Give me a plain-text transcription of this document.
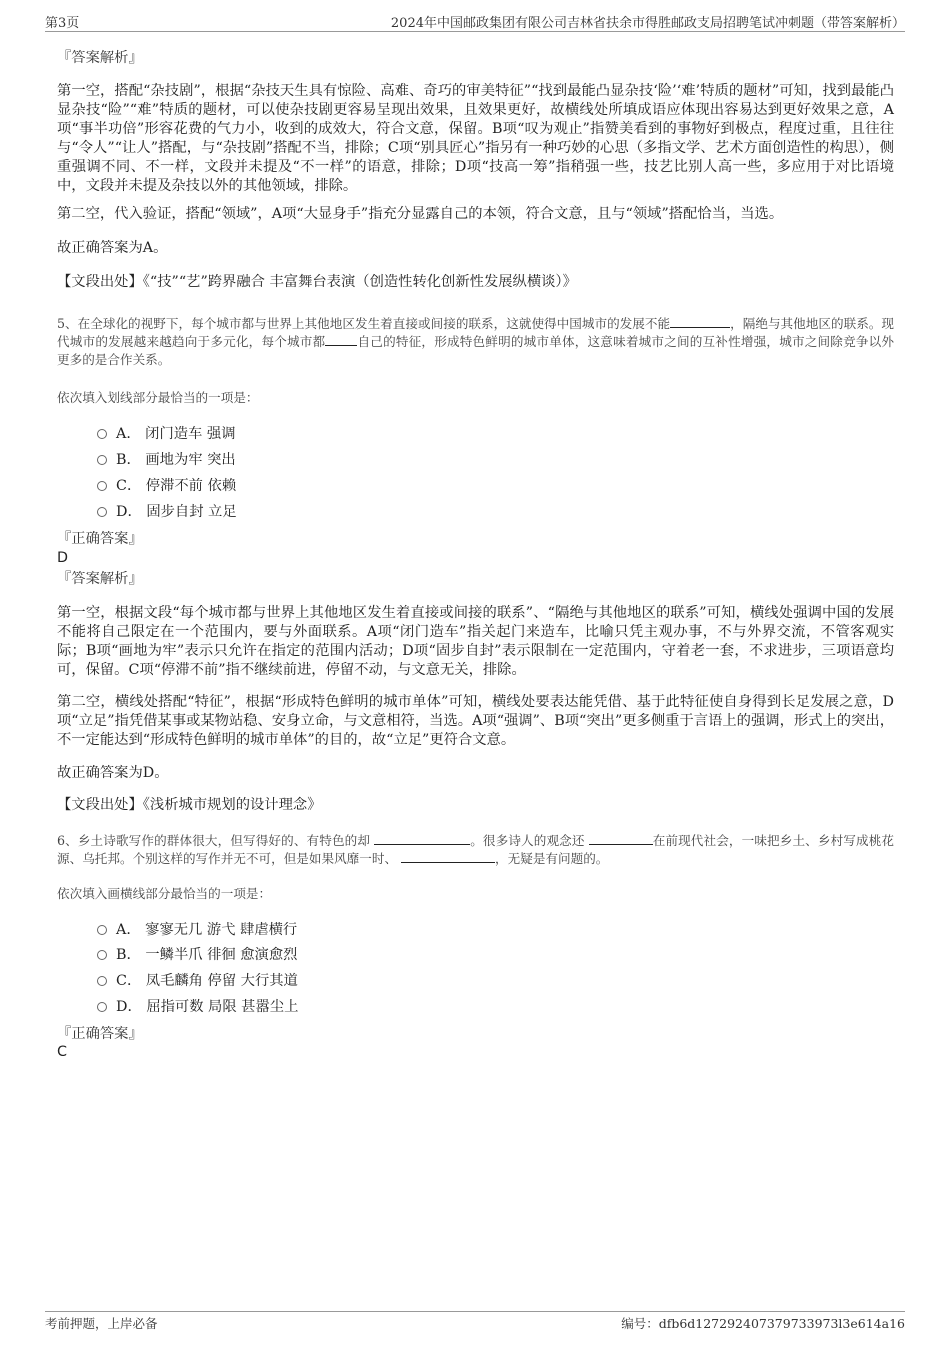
第3页	2024年中国邮政集团有限公司吉林省扶余市得胜邮政支局招聘笔试冲刺题（带答案解析）
『答案解析』

第一空，搭配“杂技剧”，根据“杂技天生具有惊险、高难、奇巧的审美特征”“找到最能凸显杂技‘险’‘难’特质的题材”可知，找到最能凸显杂技“险”“难”特质的题材，可以使杂技剧更容易呈现出效果，且效果更好，故横线处所填成语应体现出容易达到更好效果之意，A项“事半功倍”形容花费的气力小，收到的成效大，符合文意，保留。B项“叹为观止”指赞美看到的事物好到极点，程度过重，且往往与“令人”“让人”搭配，与“杂技剧”搭配不当，排除；C项“别具匠心”指另有一种巧妙的心思（多指文学、艺术方面创造性的构思），侧重强调不同、不一样，文段并未提及“不一样”的语意，排除；D项“技高一筹”指稍强一些，技艺比别人高一些，多应用于对比语境中，文段并未提及杂技以外的其他领域，排除。

第二空，代入验证，搭配“领域”，A项“大显身手”指充分显露自己的本领，符合文意，且与“领域”搭配恰当，当选。

故正确答案为A。
【文段出处】《“技”“艺”跨界融合 丰富舞台表演（创造性转化创新性发展纵横谈）》
5、在全球化的视野下，每个城市都与世界上其他地区发生着直接或间接的联系，这就使得中国城市的发展不能	，隔绝与其他地区的联系。现代城市的发展越来越趋向于多元化，每个城市都	自己的特征，形成特色鲜明的城市单体，这意味着城市之间的互补性增强，城市之间除竞争以外更多的是合作关系。
依次填入划线部分最恰当的一项是：
A． 闭门造车 强调
B． 画地为牢 突出
C． 停滞不前 依赖
D． 固步自封 立足
『正确答案』
D
『答案解析』

第一空，根据文段“每个城市都与世界上其他地区发生着直接或间接的联系”、“隔绝与其他地区的联系”可知，横线处强调中国的发展不能将自己限定在一个范围内，要与外面联系。A项“闭门造车”指关起门来造车，比喻只凭主观办事，不与外界交流，不管客观实际；B项“画地为牢”表示只允许在指定的范围内活动；D项“固步自封”表示限制在一定范围内，守着老一套，不求进步，三项语意均可，保留。C项“停滞不前”指不继续前进，停留不动，与文意无关，排除。

第二空，横线处搭配“特征”，根据“形成特色鲜明的城市单体”可知，横线处要表达能凭借、基于此特征使自身得到长足发展之意，D项“立足”指凭借某事或某物站稳、安身立命，与文意相符，当选。A项“强调”、B项“突出”更多侧重于言语上的强调，形式上的突出，不一定能达到“形成特色鲜明的城市单体”的目的，故“立足”更符合文意。

故正确答案为D。
【文段出处】《浅析城市规划的设计理念》
6、乡土诗歌写作的群体很大，但写得好的、有特色的却	。很多诗人的观念还	在前现代社会，一味把乡土、乡村写成桃花源、乌托邦。个别这样的写作并无不可，但是如果风靡一时、	，无疑是有问题的。
依次填入画横线部分最恰当的一项是：
A． 寥寥无几 游弋 肆虐横行
B． 一鳞半爪 徘徊 愈演愈烈
C． 凤毛麟角 停留 大行其道
D． 屈指可数 局限 甚嚣尘上
『正确答案』
C
考前押题，上岸必备	编号：dfb6d127292407379733973l3e614a16
